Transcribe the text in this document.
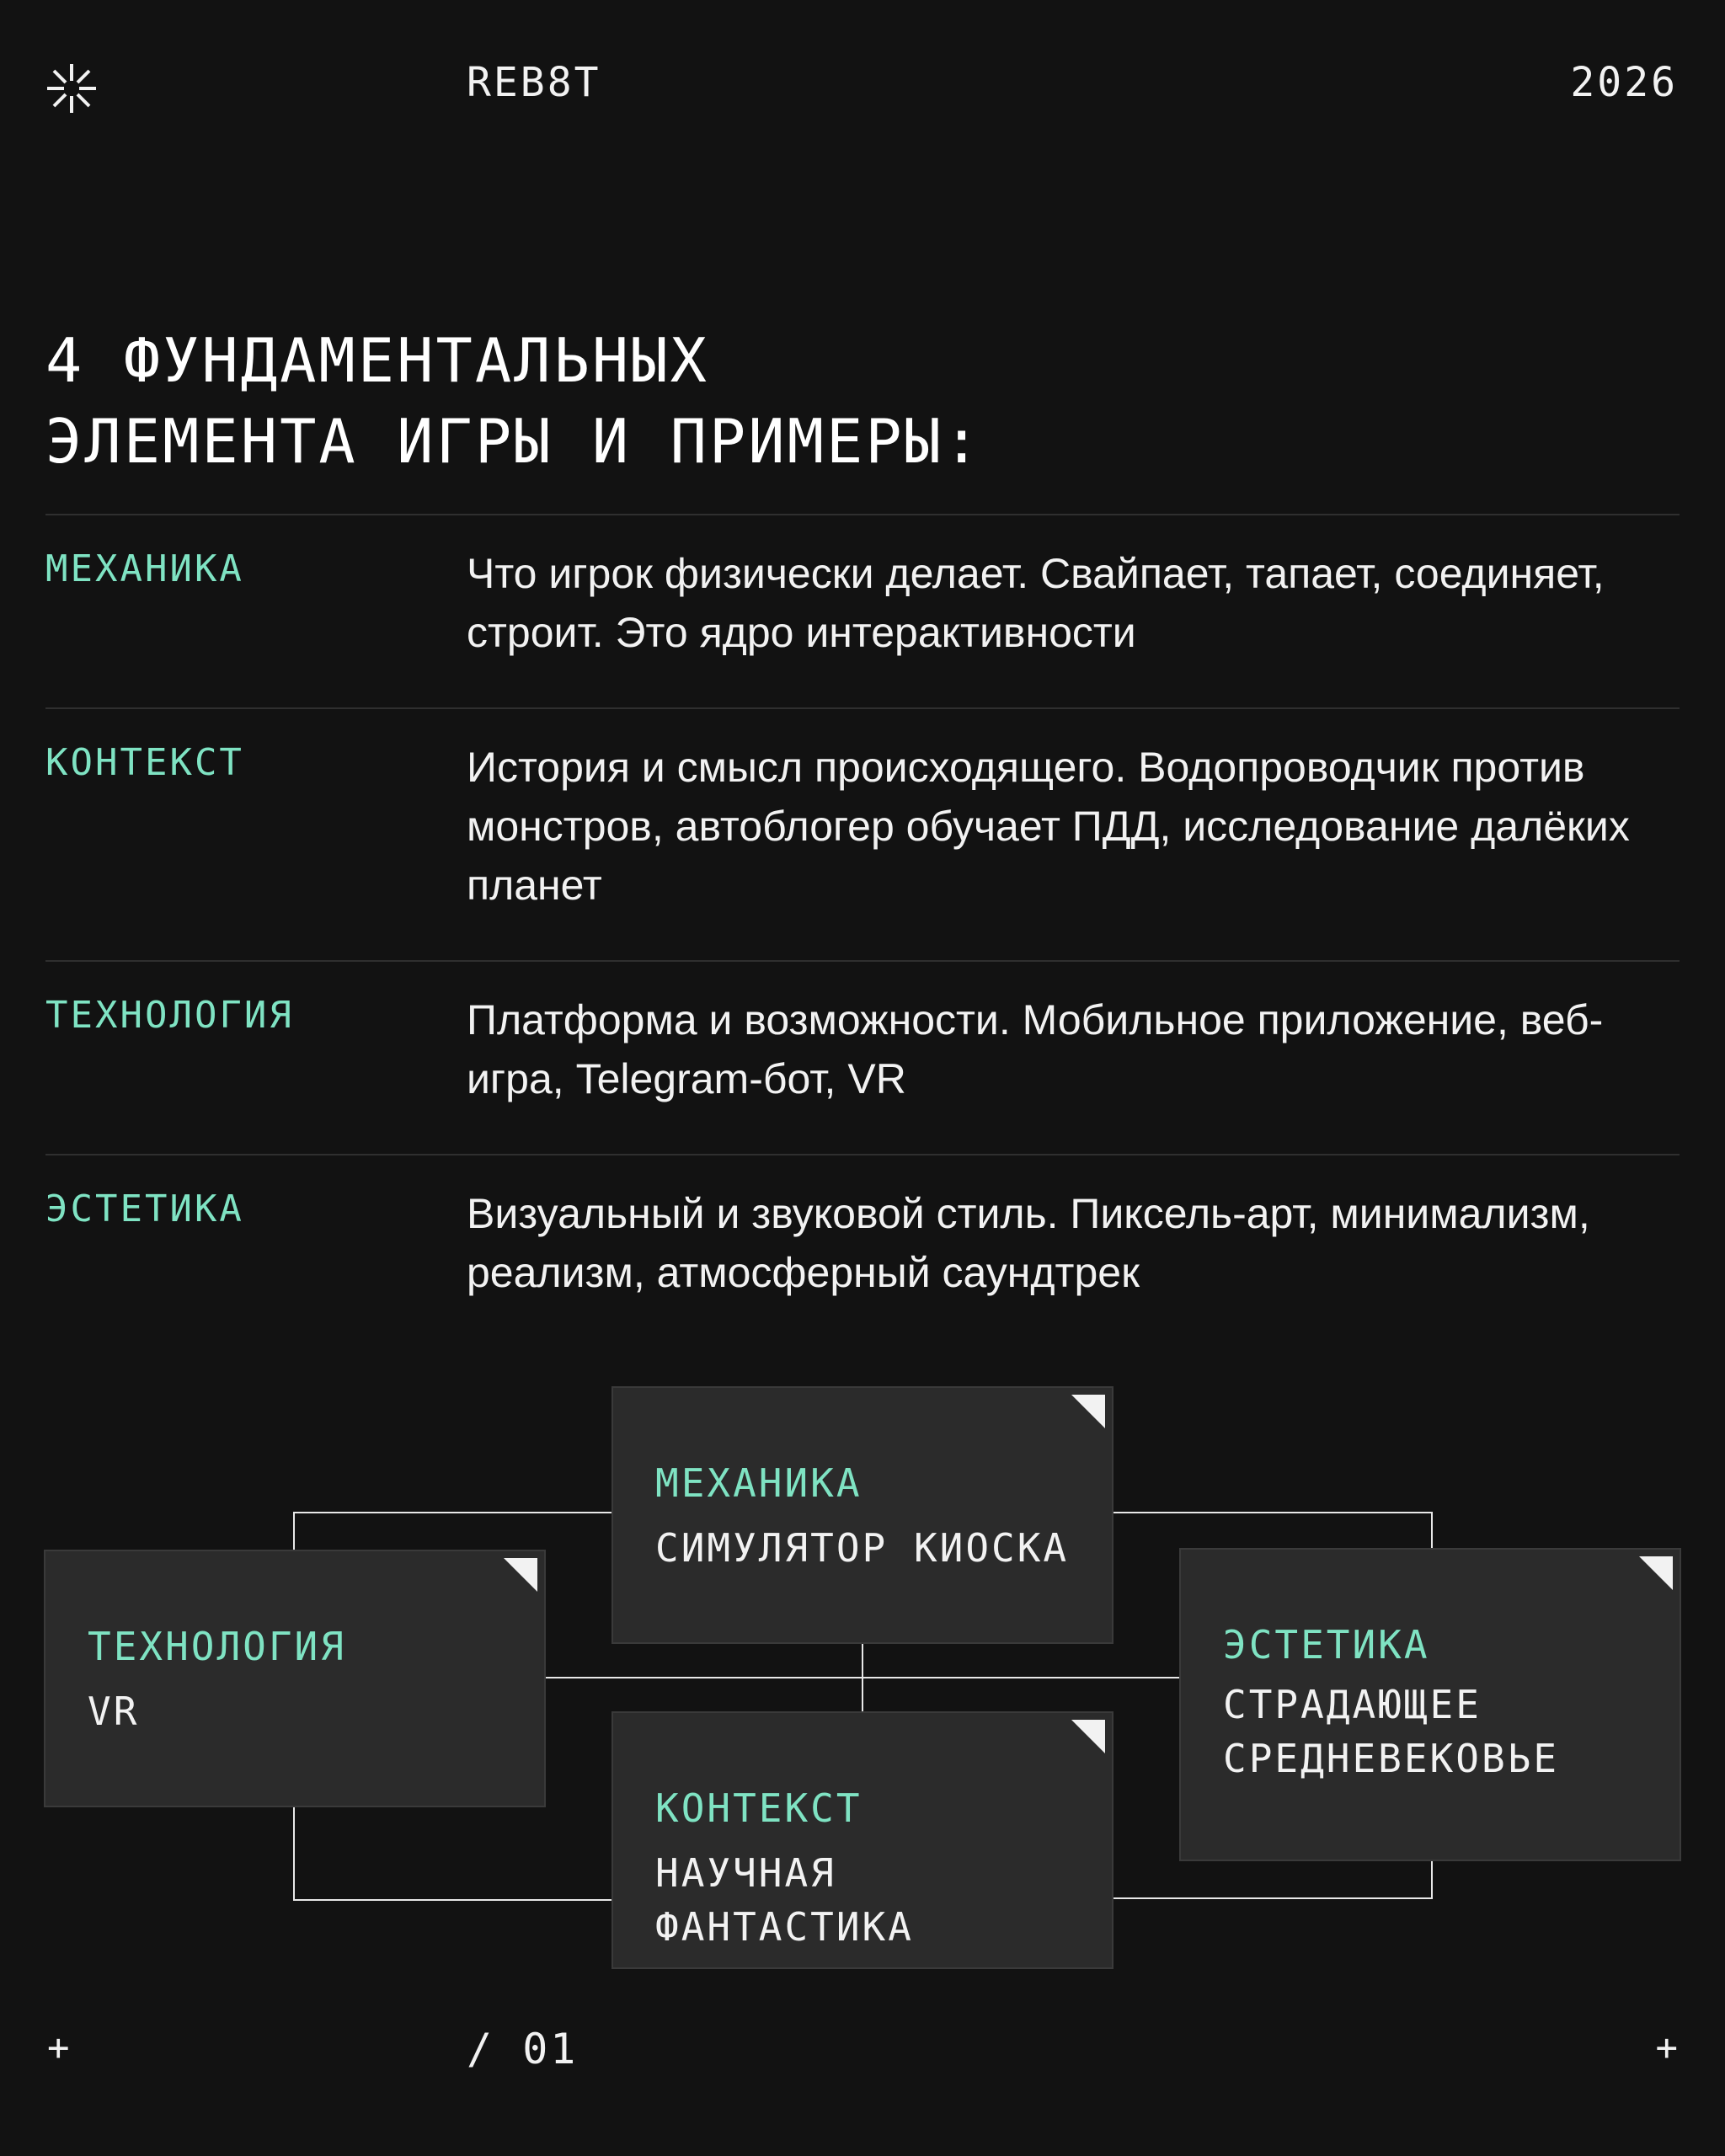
REB8T	2026
4 ФУНДАМЕНТАЛЬНЫХ
ЭЛЕМЕНТА ИГРЫ И ПРИМЕРЫ:
МЕХАНИКА	Что игрок физически делает. Свайпает, тапает, соединяет, строит. Это ядро интерактивности
КОНТЕКСТ	История и смысл происходящего. Водопроводчик против монстров, автоблогер обучает ПДД, исследование далёких планет
ТЕХНОЛОГИЯ	Платформа и возможности. Мобильное приложение, веб-игра, Telegram-бот, VR
ЭСТЕТИКА	Визуальный и звуковой стиль. Пиксель-арт, минимализм, реализм, атмосферный саундтрек
МЕХАНИКА
СИМУЛЯТОР КИОСКА
ТЕХНОЛОГИЯ
VR
ЭСТЕТИКА
СТРАДАЮЩЕЕ
СРЕДНЕВЕКОВЬЕ
КОНТЕКСТ
НАУЧНАЯ ФАНТАСТИКА
+	/ 01	+
